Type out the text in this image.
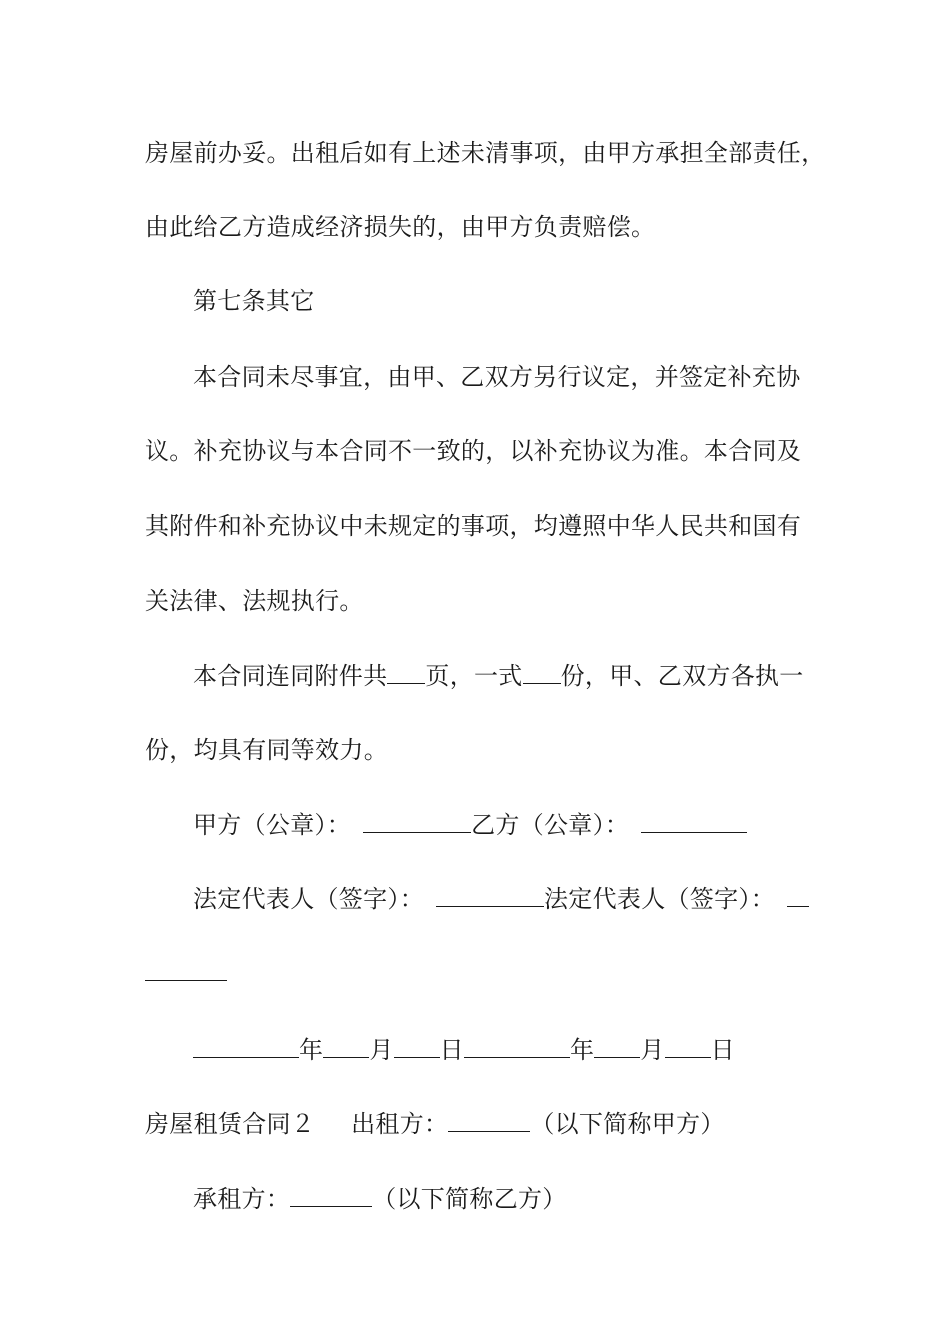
房屋前办妥。出租后如有上述未清事项，由甲方承担全部责任，
由此给乙方造成经济损失的，由甲方负责赔偿。
第七条其它
本合同未尽事宜，由甲、乙双方另行议定，并签定补充协
议。补充协议与本合同不一致的，以补充协议为准。本合同及
其附件和补充协议中未规定的事项，均遵照中华人民共和国有
关法律、法规执行。
本合同连同附件共 页，一式 份，甲、乙双方各执一
份，均具有同等效力。
甲方（公章）：	乙方（公章）：
法定代表人（签字）：	法定代表人（签字）：
年 月 日	年 月 日
房屋租赁合同２ 出租方：	（以下简称甲方）
承租方：	（以下简称乙方）
